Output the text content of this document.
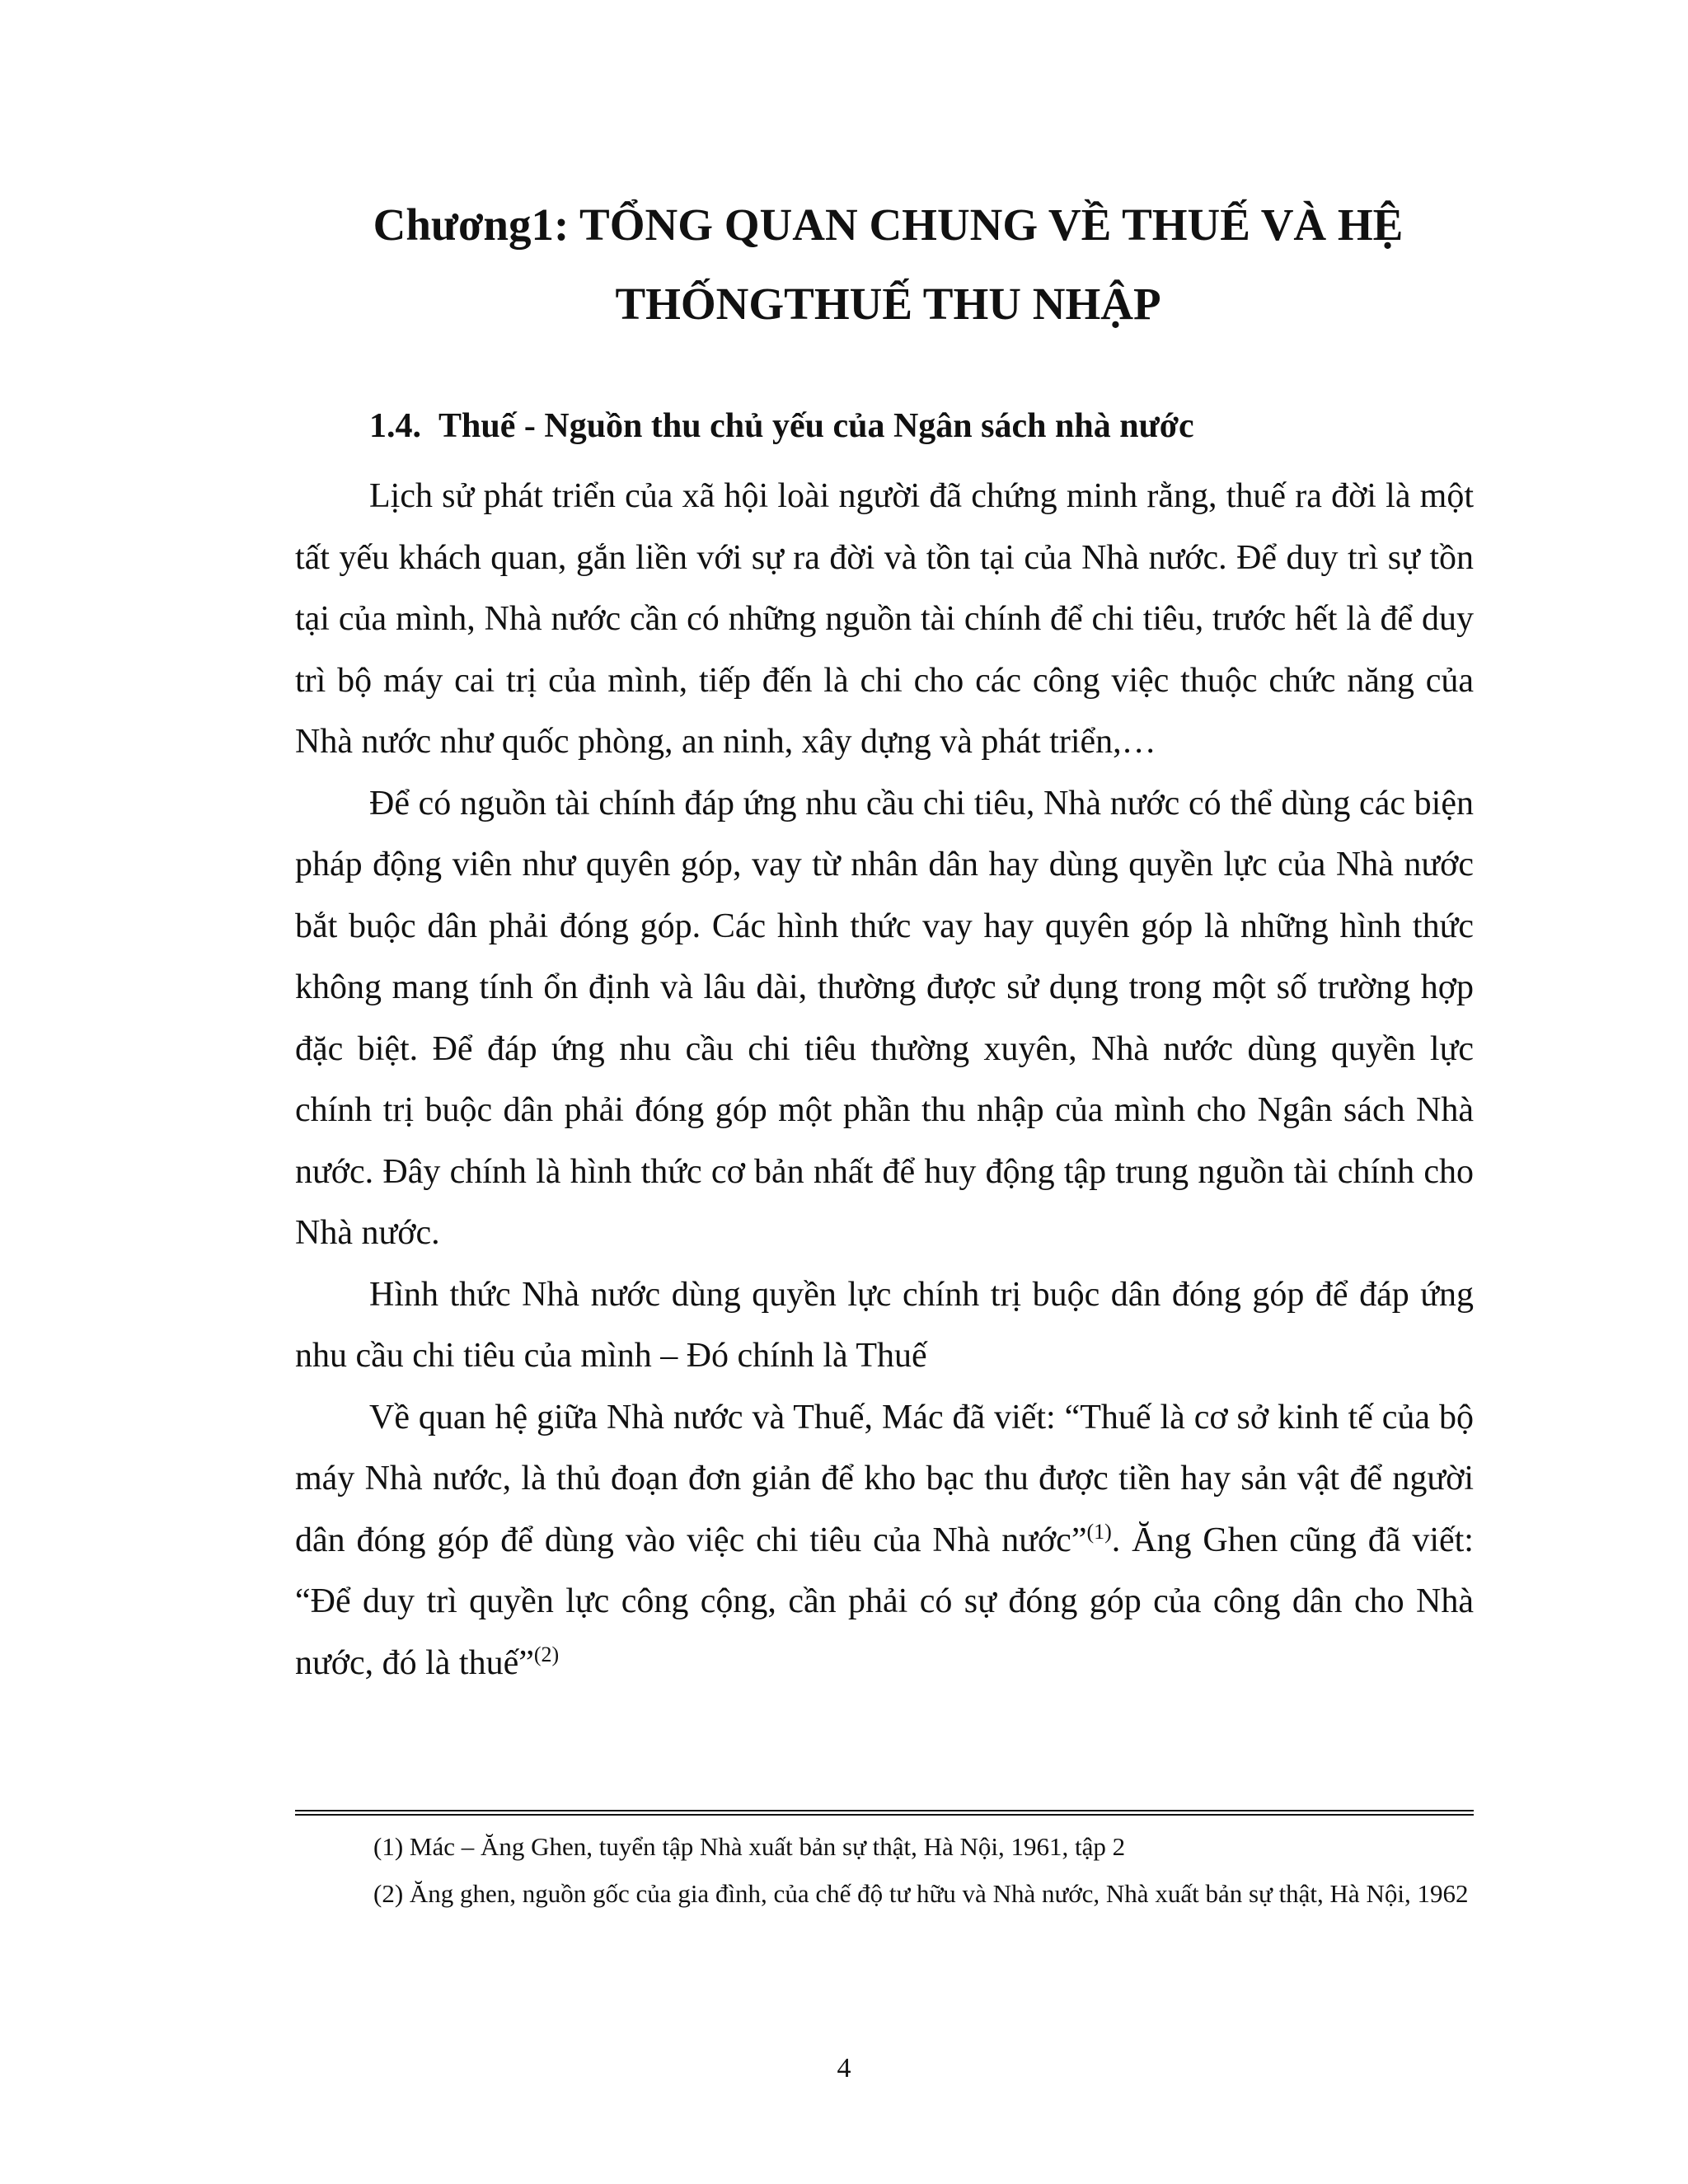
Chương1: TỔNG QUAN CHUNG VỀ THUẾ VÀ HỆ
THỐNGTHUẾ THU NHẬP
1.4. Thuế - Nguồn thu chủ yếu của Ngân sách nhà nước

Lịch sử phát triển của xã hội loài người đã chứng minh rằng, thuế ra đời là một tất yếu khách quan, gắn liền với sự ra đời và tồn tại của Nhà nước. Để duy trì sự tồn tại của mình, Nhà nước cần có những nguồn tài chính để chi tiêu, trước hết là để duy trì bộ máy cai trị của mình, tiếp đến là chi cho các công việc thuộc chức năng của Nhà nước như quốc phòng, an ninh, xây dựng và phát triển,…

Để có nguồn tài chính đáp ứng nhu cầu chi tiêu, Nhà nước có thể dùng các biện pháp động viên như quyên góp, vay từ nhân dân hay dùng quyền lực của Nhà nước bắt buộc dân phải đóng góp. Các hình thức vay hay quyên góp là những hình thức không mang tính ổn định và lâu dài, thường được sử dụng trong một số trường hợp đặc biệt. Để đáp ứng nhu cầu chi tiêu thường xuyên, Nhà nước dùng quyền lực chính trị buộc dân phải đóng góp một phần thu nhập của mình cho Ngân sách Nhà nước. Đây chính là hình thức cơ bản nhất để huy động tập trung nguồn tài chính cho Nhà nước.

Hình thức Nhà nước dùng quyền lực chính trị buộc dân đóng góp để đáp ứng nhu cầu chi tiêu của mình – Đó chính là Thuế

Về quan hệ giữa Nhà nước và Thuế, Mác đã viết: “Thuế là cơ sở kinh tế của bộ máy Nhà nước, là thủ đoạn đơn giản để kho bạc thu được tiền hay sản vật để người dân đóng góp để dùng vào việc chi tiêu của Nhà nước”$^{(1)}$. Ăng Ghen cũng đã viết: “Để duy trì quyền lực công cộng, cần phải có sự đóng góp của công dân cho Nhà nước, đó là thuế”$^{(2)}$

(1) Mác – Ăng Ghen, tuyển tập Nhà xuất bản sự thật, Hà Nội, 1961, tập 2

(2) Ăng ghen, nguồn gốc của gia đình, của chế độ tư hữu và Nhà nước, Nhà xuất bản sự thật, Hà Nội, 1962

4
